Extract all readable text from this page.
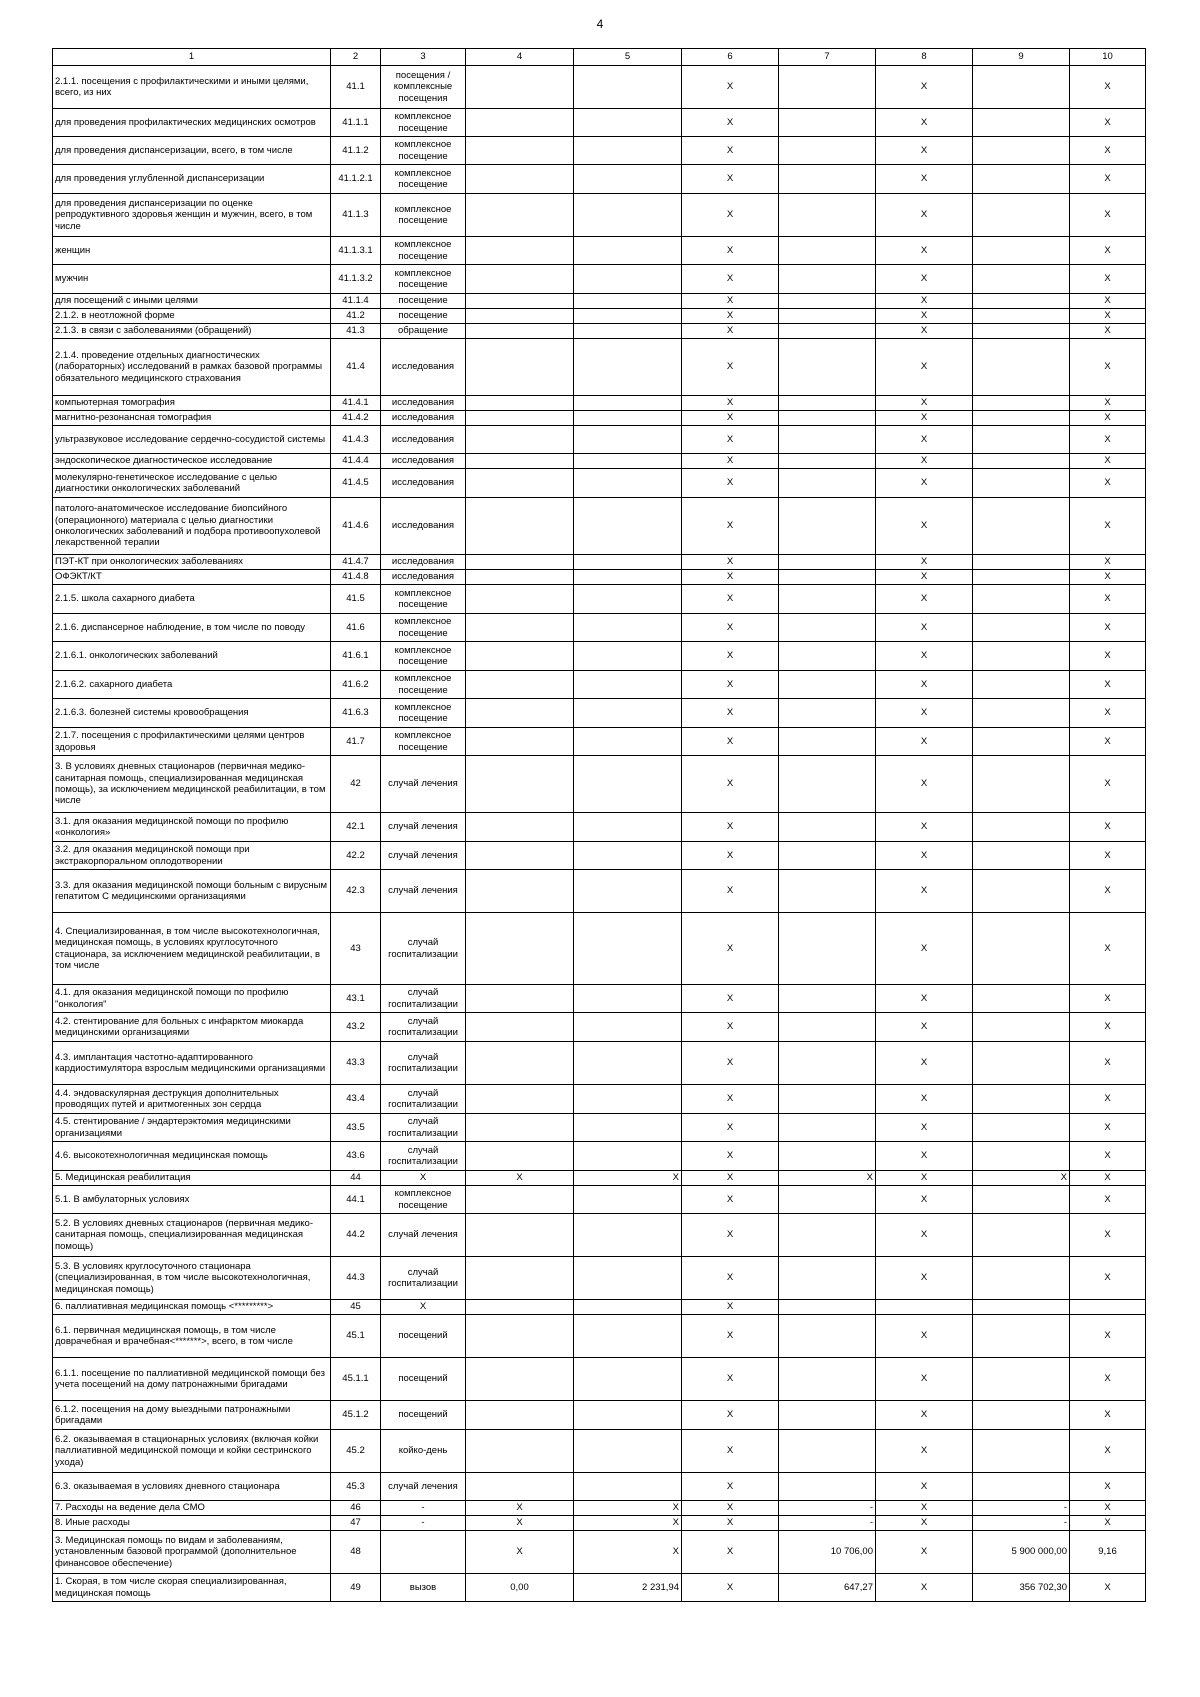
4
1	2	3	4	5	6	7	8	9	10
2.1.1. посещения с профилактическими и иными целями, всего, из них	41.1	посещения / комплексные посещения			X		X		X
для проведения профилактических медицинских осмотров	41.1.1	комплексное посещение			X		X		X
для проведения диспансеризации, всего, в том числе	41.1.2	комплексное посещение			X		X		X
для проведения углубленной диспансеризации	41.1.2.1	комплексное посещение			X		X		X
для проведения диспансеризации по оценке репродуктивного здоровья женщин и мужчин, всего, в том числе	41.1.3	комплексное посещение			X		X		X
женщин	41.1.3.1	комплексное посещение			X		X		X
мужчин	41.1.3.2	комплексное посещение			X		X		X
для посещений с иными целями	41.1.4	посещение			X		X		X
2.1.2. в неотложной форме	41.2	посещение			X		X		X
2.1.3. в связи с заболеваниями (обращений)	41.3	обращение			X		X		X
2.1.4. проведение отдельных диагностических (лабораторных) исследований в рамках базовой программы обязательного медицинского страхования	41.4	исследования			X		X		X
компьютерная томография	41.4.1	исследования			X		X		X
магнитно-резонансная томография	41.4.2	исследования			X		X		X
ультразвуковое исследование сердечно-сосудистой системы	41.4.3	исследования			X		X		X
эндоскопическое диагностическое исследование	41.4.4	исследования			X		X		X
молекулярно-генетическое исследование с целью диагностики онкологических заболеваний	41.4.5	исследования			X		X		X
патолого-анатомическое исследование биопсийного (операционного) материала с целью диагностики онкологических заболеваний и подбора противоопухолевой лекарственной терапии	41.4.6	исследования			X		X		X
ПЭТ-КТ при онкологических заболеваниях	41.4.7	исследования			X		X		X
ОФЭКТ/КТ	41.4.8	исследования			X		X		X
2.1.5. школа сахарного диабета	41.5	комплексное посещение			X		X		X
2.1.6. диспансерное наблюдение, в том числе по поводу	41.6	комплексное посещение			X		X		X
2.1.6.1. онкологических заболеваний	41.6.1	комплексное посещение			X		X		X
2.1.6.2. сахарного диабета	41.6.2	комплексное посещение			X		X		X
2.1.6.3. болезней системы кровообращения	41.6.3	комплексное посещение			X		X		X
2.1.7. посещения с профилактическими целями центров здоровья	41.7	комплексное посещение			X		X		X
3. В условиях дневных стационаров (первичная медико-санитарная помощь, специализированная медицинская помощь), за исключением медицинской реабилитации, в том числе	42	случай лечения			X		X		X
3.1. для оказания медицинской помощи по профилю «онкология»	42.1	случай лечения			X		X		X
3.2. для оказания медицинской помощи при экстракорпоральном оплодотворении	42.2	случай лечения			X		X		X
3.3. для оказания медицинской помощи больным с вирусным гепатитом С медицинскими организациями	42.3	случай лечения			X		X		X
4. Специализированная, в том числе высокотехнологичная, медицинская помощь, в условиях круглосуточного стационара, за исключением медицинской реабилитации, в том числе	43	случай госпитализации			X		X		X
4.1. для оказания медицинской помощи по профилю "онкология"	43.1	случай госпитализации			X		X		X
4.2. стентирование для больных с инфарктом миокарда медицинскими организациями	43.2	случай госпитализации			X		X		X
4.3. имплантация частотно-адаптированного кардиостимулятора взрослым медицинскими организациями	43.3	случай госпитализации			X		X		X
4.4. эндоваскулярная деструкция дополнительных проводящих путей и аритмогенных зон сердца	43.4	случай госпитализации			X		X		X
4.5. стентирование / эндартерэктомия медицинскими организациями	43.5	случай госпитализации			X		X		X
4.6. высокотехнологичная медицинская помощь	43.6	случай госпитализации			X		X		X
5. Медицинская реабилитация	44	X	X	X	X	X	X	X	X
5.1. В амбулаторных условиях	44.1	комплексное посещение			X		X		X
5.2. В условиях дневных стационаров (первичная медико-санитарная помощь, специализированная медицинская помощь)	44.2	случай лечения			X		X		X
5.3. В условиях круглосуточного стационара (специализированная, в том числе высокотехнологичная, медицинская помощь)	44.3	случай госпитализации			X		X		X
6. паллиативная медицинская помощь <*********>	45	X			X				
6.1. первичная медицинская помощь, в том числе доврачебная и врачебная<*******>, всего, в том числе	45.1	посещений			X		X		X
6.1.1. посещение по паллиативной медицинской помощи без учета посещений на дому патронажными бригадами	45.1.1	посещений			X		X		X
6.1.2. посещения на дому выездными патронажными бригадами	45.1.2	посещений			X		X		X
6.2. оказываемая в стационарных условиях (включая койки паллиативной медицинской помощи и койки сестринского ухода)	45.2	койко-день			X		X		X
6.3. оказываемая в условиях дневного стационара	45.3	случай лечения			X		X		X
7. Расходы на ведение дела СМО	46	-	X	X	X	-	X	-	X
8. Иные расходы	47	-	X	X	X	-	X	-	X
3. Медицинская помощь по видам и заболеваниям, установленным базовой программой (дополнительное финансовое обеспечение)	48		X	X	X	10 706,00	X	5 900 000,00	9,16
1. Скорая, в том числе скорая специализированная, медицинская помощь	49	вызов	0,00	2 231,94	X	647,27	X	356 702,30	X
